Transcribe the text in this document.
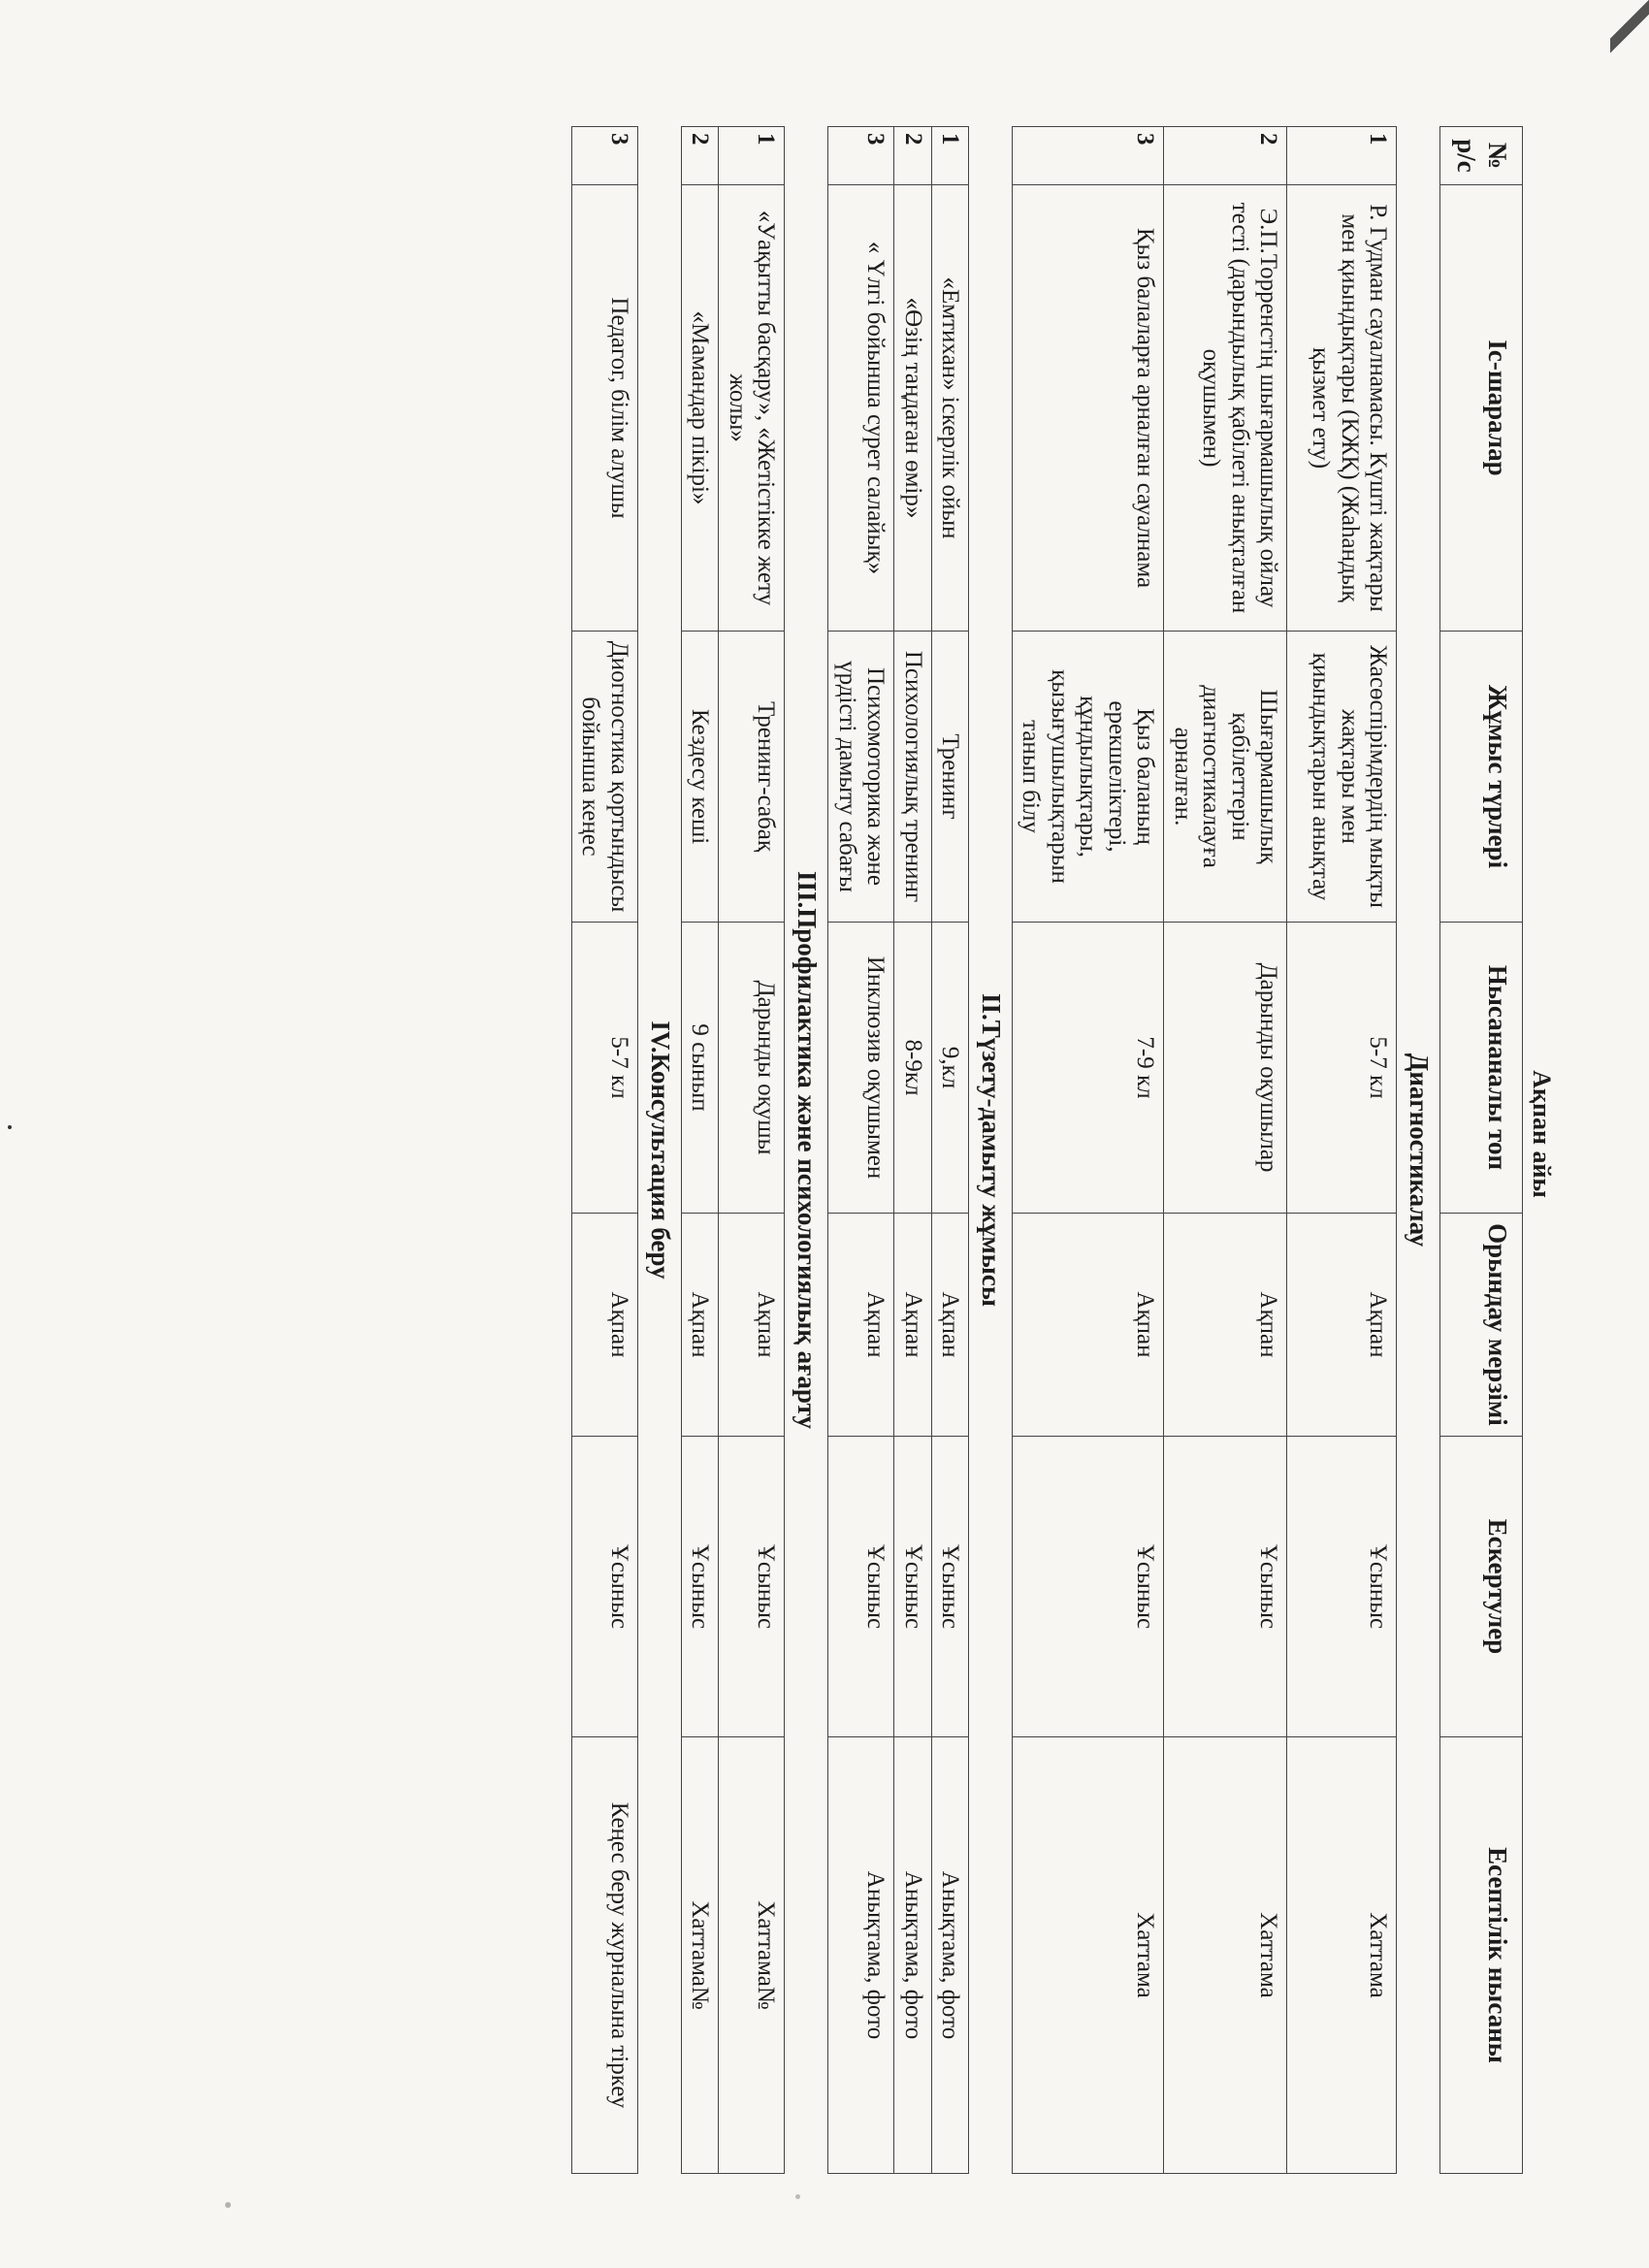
Ақпан айы
№ р/с	Іс-шаралар	Жұмыс түрлері	Нысананалы топ	Орындау мерзімі	Ескертулер	Есептілік нысаны
Диагностикалау						
1	Р. Гудман сауалнамасы. Күшті жақтары мен қиындықтары (КЖҚ) (Жаһандық қызмет ету)	Жасөспірімдердің мықты жақтары мен қиындықтарын анықтау	5-7 кл	Ақпан	Ұсыныс	Хаттама
2	Э.П.Торренстің шығармашылық ойлау тесті (дарындылық қабілеті анықталған оқушымен)	Шығармашылық қабілеттерін диагностикалауға арналған.	Дарынды оқушылар	Ақпан	Ұсыныс	Хаттама
3	Қыз балаларға арналған сауалнама	Қыз баланың ерекшеліктері, құндылықтары, қызығушылықтарын танып білу	7-9 кл	Ақпан	Ұсыныс	Хаттама
II.Түзету-дамыту жұмысы						
1	«Емтихан» іскерлік ойын	Тренинг	9,кл	Ақпан	Ұсыныс	Анықтама, фото
2	«Өзің таңдаған өмір»	Психологиялық тренинг	8-9кл	Ақпан	Ұсыныс	Анықтама, фото
3	« Үлгі бойынша сурет салайық»	Психомоторика және үрдісті дамыту сабағы	Инклюзив оқушымен	Ақпан	Ұсыныс	Анықтама, фото
III.Профилактика және психологиялық ағарту						
1	«Уақытты басқару», «Жетістікке жету жолы»	Тренинг-сабақ	Дарынды оқушы	Ақпан	Ұсыныс	Хаттама№
2	«Мамандар пікірі»	Кездесу кеші	9 сынып	Ақпан	Ұсыныс	Хаттама№
IV.Консультация беру						
3	Педагог, білім алушы	Диогностика қортындысы бойынша кеңес	5-7 кл	Ақпан	Ұсыныс	Кеңес беру журналына тіркеу
